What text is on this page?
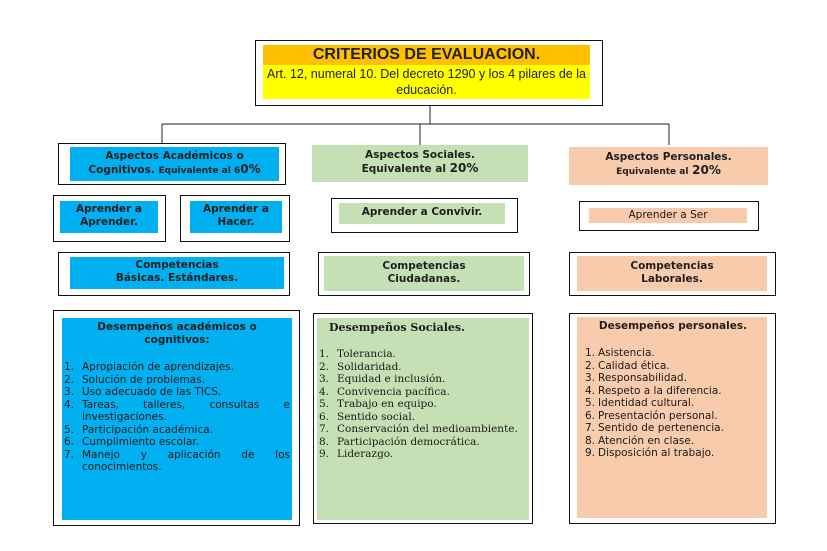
CRITERIOS DE EVALUACION.
Art. 12, numeral 10. Del decreto 1290 y los 4 pilares de la educación.
Aspectos Académicos o
Cognitivos. Equivalente al 60%
Aprender a Aprender.
Aprender a Hacer.
Competencias Básicas. Estándares.
Desempeños académicos o cognitivos:
1. Apropiación de aprendizajes.
2. Solución de problemas.
3. Uso adecuado de las TICS.
4. Tareas, talleres, consultas e investigaciones.
5. Participación académica.
6. Cumplimiento escolar.
7. Manejo y aplicación de los conocimientos.
Aspectos Sociales.
Equivalente al 20%
Aprender a Convivir.
Competencias Ciudadanas.
Desempeños Sociales.
1. Tolerancia.
2. Solidaridad.
3. Equidad e inclusión.
4. Convivencia pacífica.
5. Trabajo en equipo.
6. Sentido social.
7. Conservación del medioambiente.
8. Participación democrática.
9. Liderazgo.
Aspectos Personales.
Equivalente al 20%
Aprender a Ser
Competencias Laborales.
Desempeños personales.
1. Asistencia.
2. Calidad ética.
3. Responsabilidad.
4. Respeto a la diferencia.
5. Identidad cultural.
6. Presentación personal.
7. Sentido de pertenencia.
8. Atención en clase.
9. Disposición al trabajo.
